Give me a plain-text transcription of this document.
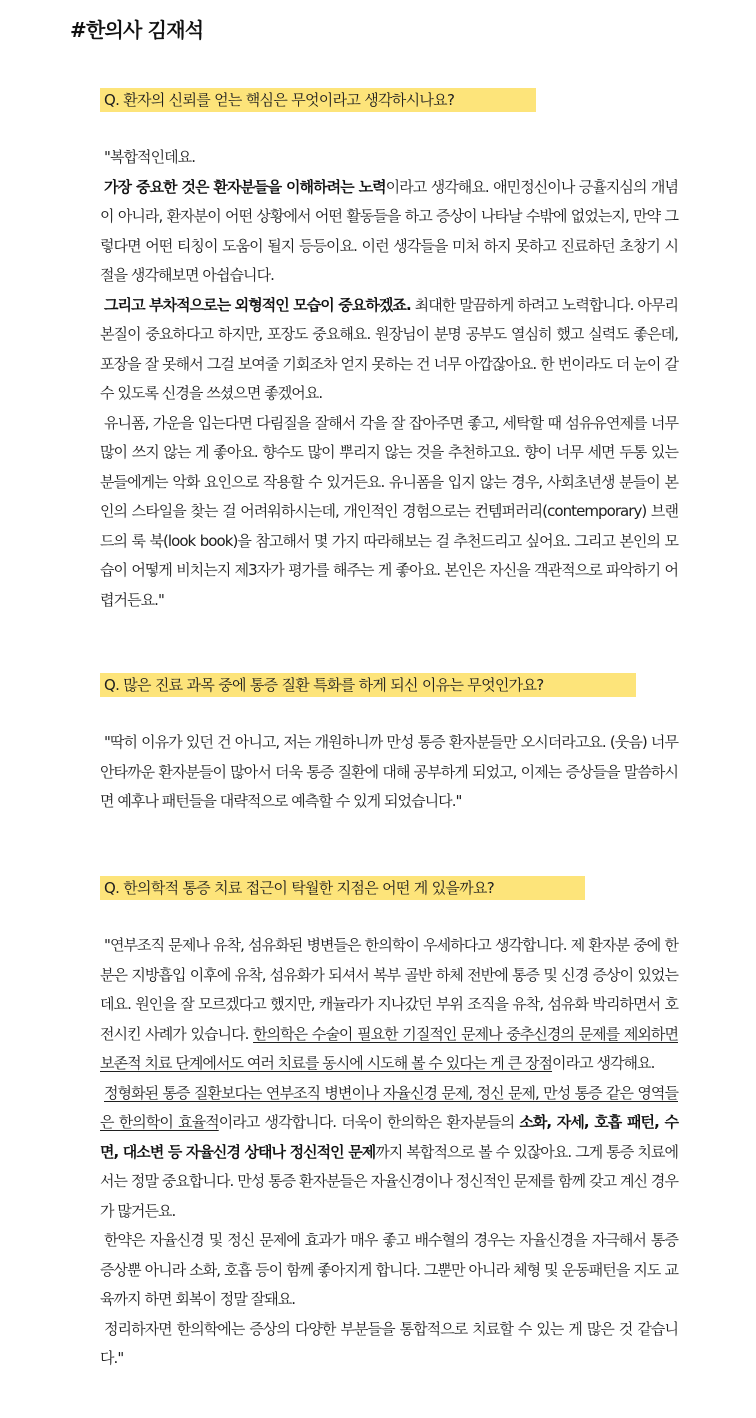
#한의사 김재석
Q. 환자의 신뢰를 얻는 핵심은 무엇이라고 생각하시나요?

"복합적인데요.

가장 중요한 것은 환자분들을 이해하려는 노력이라고 생각해요. 애민정신이나 긍휼지심의 개념이 아니라, 환자분이 어떤 상황에서 어떤 활동들을 하고 증상이 나타날 수밖에 없었는지, 만약 그렇다면 어떤 티칭이 도움이 될지 등등이요. 이런 생각들을 미처 하지 못하고 진료하던 초창기 시절을 생각해보면 아쉽습니다.

그리고 부차적으로는 외형적인 모습이 중요하겠죠. 최대한 말끔하게 하려고 노력합니다. 아무리 본질이 중요하다고 하지만, 포장도 중요해요. 원장님이 분명 공부도 열심히 했고 실력도 좋은데, 포장을 잘 못해서 그걸 보여줄 기회조차 얻지 못하는 건 너무 아깝잖아요. 한 번이라도 더 눈이 갈 수 있도록 신경을 쓰셨으면 좋겠어요.

유니폼, 가운을 입는다면 다림질을 잘해서 각을 잘 잡아주면 좋고, 세탁할 때 섬유유연제를 너무 많이 쓰지 않는 게 좋아요. 향수도 많이 뿌리지 않는 것을 추천하고요. 향이 너무 세면 두통 있는 분들에게는 악화 요인으로 작용할 수 있거든요. 유니폼을 입지 않는 경우, 사회초년생 분들이 본인의 스타일을 찾는 걸 어려워하시는데, 개인적인 경험으로는 컨템퍼러리(contemporary) 브랜드의 룩 북(look book)을 참고해서 몇 가지 따라해보는 걸 추천드리고 싶어요. 그리고 본인의 모습이 어떻게 비치는지 제3자가 평가를 해주는 게 좋아요. 본인은 자신을 객관적으로 파악하기 어렵거든요."

Q. 많은 진료 과목 중에 통증 질환 특화를 하게 되신 이유는 무엇인가요?

"딱히 이유가 있던 건 아니고, 저는 개원하니까 만성 통증 환자분들만 오시더라고요. (웃음) 너무안타까운 환자분들이 많아서 더욱 통증 질환에 대해 공부하게 되었고, 이제는 증상들을 말씀하시면 예후나 패턴들을 대략적으로 예측할 수 있게 되었습니다."

Q. 한의학적 통증 치료 접근이 탁월한 지점은 어떤 게 있을까요?

"연부조직 문제나 유착, 섬유화된 병변들은 한의학이 우세하다고 생각합니다. 제 환자분 중에 한 분은 지방흡입 이후에 유착, 섬유화가 되셔서 복부 골반 하체 전반에 통증 및 신경 증상이 있었는데요. 원인을 잘 모르겠다고 했지만, 캐뉼라가 지나갔던 부위 조직을 유착, 섬유화 박리하면서 호전시킨 사례가 있습니다. 한의학은 수술이 필요한 기질적인 문제나 중추신경의 문제를 제외하면 보존적 치료 단계에서도 여러 치료를 동시에 시도해 볼 수 있다는 게 큰 장점이라고 생각해요.

정형화된 통증 질환보다는 연부조직 병변이나 자율신경 문제, 정신 문제, 만성 통증 같은 영역들은 한의학이 효율적이라고 생각합니다. 더욱이 한의학은 환자분들의 소화, 자세, 호흡 패턴, 수면, 대소변 등 자율신경 상태나 정신적인 문제까지 복합적으로 볼 수 있잖아요. 그게 통증 치료에서는 정말 중요합니다. 만성 통증 환자분들은 자율신경이나 정신적인 문제를 함께 갖고 계신 경우가 많거든요.

한약은 자율신경 및 정신 문제에 효과가 매우 좋고 배수혈의 경우는 자율신경을 자극해서 통증 증상뿐 아니라 소화, 호흡 등이 함께 좋아지게 합니다. 그뿐만 아니라 체형 및 운동패턴을 지도 교육까지 하면 회복이 정말 잘돼요.

정리하자면 한의학에는 증상의 다양한 부분들을 통합적으로 치료할 수 있는 게 많은 것 같습니다."
